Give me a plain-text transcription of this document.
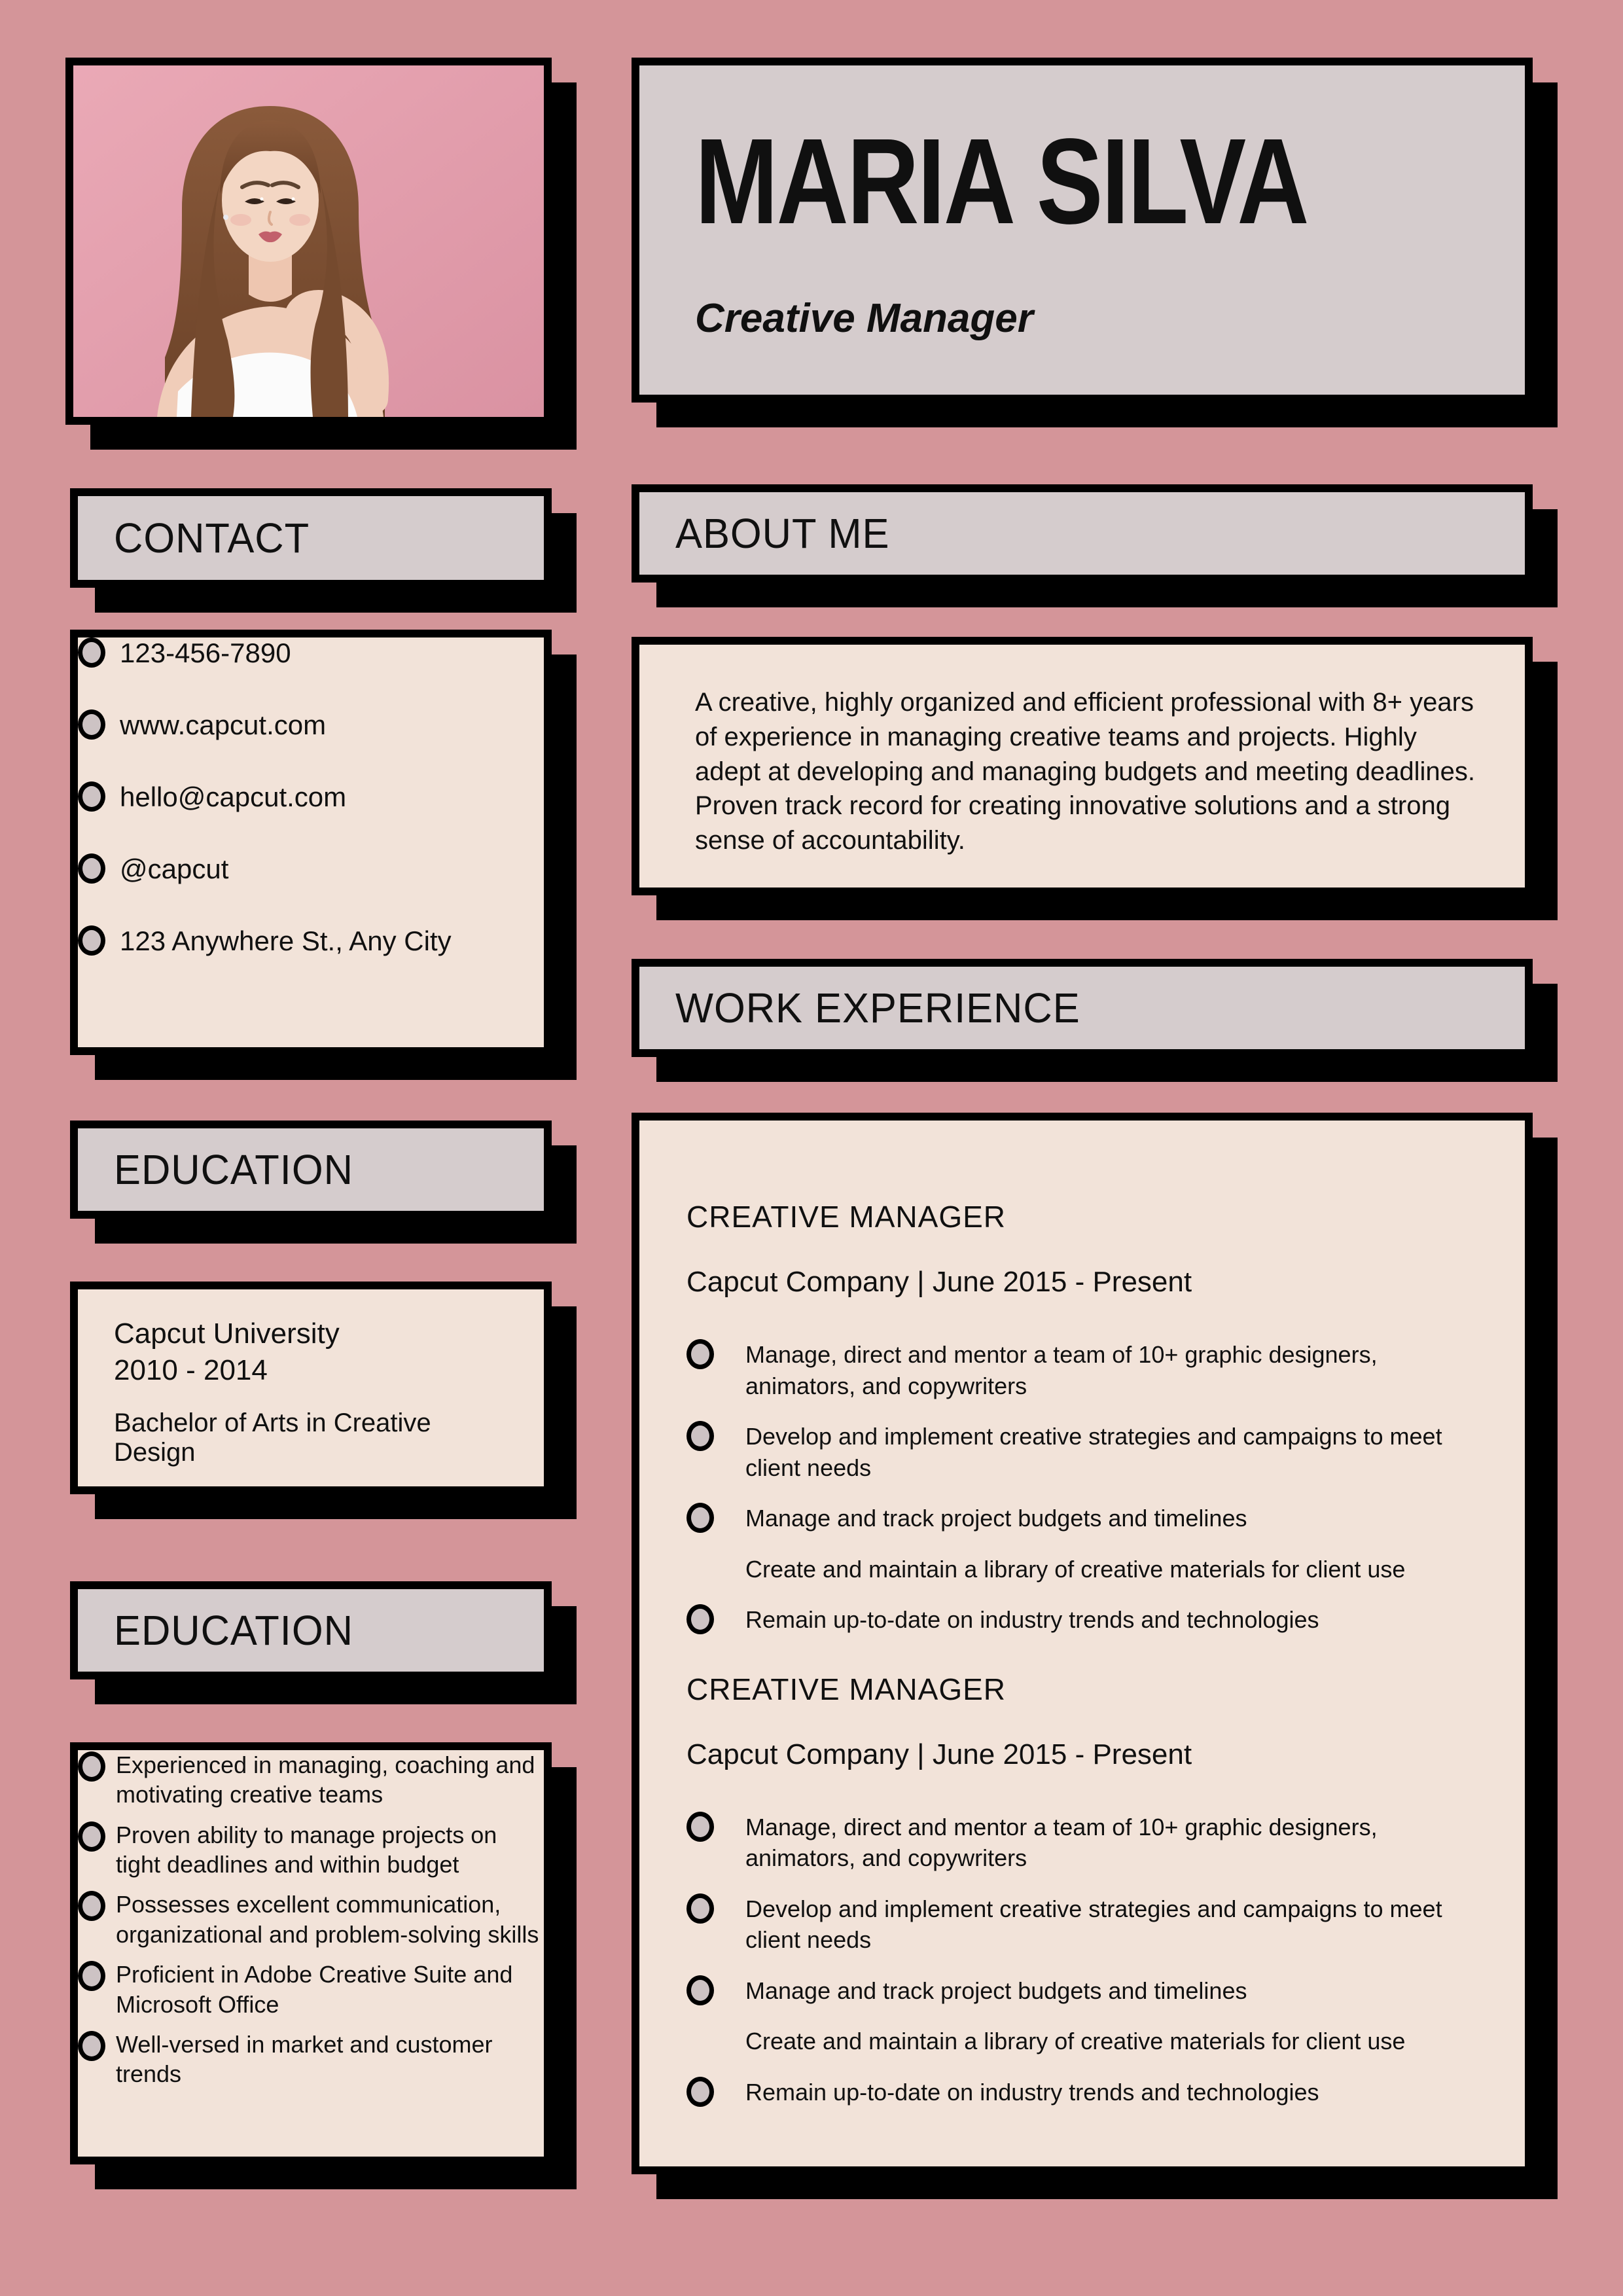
CONTACT
123-456-7890
www.capcut.com
hello@capcut.com
@capcut
123 Anywhere St., Any City
EDUCATION

Capcut University
2010 - 2014

Bachelor of Arts in Creative Design

EDUCATION
Experienced in managing, coaching and motivating creative teams
Proven ability to manage projects on tight deadlines and within budget
Possesses excellent communication, organizational and problem-solving skills
Proficient in Adobe Creative Suite and Microsoft Office
Well-versed in market and customer trends
MARIA SILVA
Creative Manager
ABOUT ME

A creative, highly organized and efficient professional with 8+ years of experience in managing creative teams and projects. Highly adept at developing and managing budgets and meeting deadlines. Proven track record for creating innovative solutions and a strong sense of accountability.

WORK EXPERIENCE
CREATIVE MANAGER

Capcut Company | June 2015 - Present

Manage, direct and mentor a team of 10+ graphic designers, animators, and copywriters
Develop and implement creative strategies and campaigns to meet client needs
Manage and track project budgets and timelines
Create and maintain a library of creative materials for client use
Remain up-to-date on industry trends and technologies
CREATIVE MANAGER

Capcut Company | June 2015 - Present

Manage, direct and mentor a team of 10+ graphic designers, animators, and copywriters
Develop and implement creative strategies and campaigns to meet client needs
Manage and track project budgets and timelines
Create and maintain a library of creative materials for client use
Remain up-to-date on industry trends and technologies
